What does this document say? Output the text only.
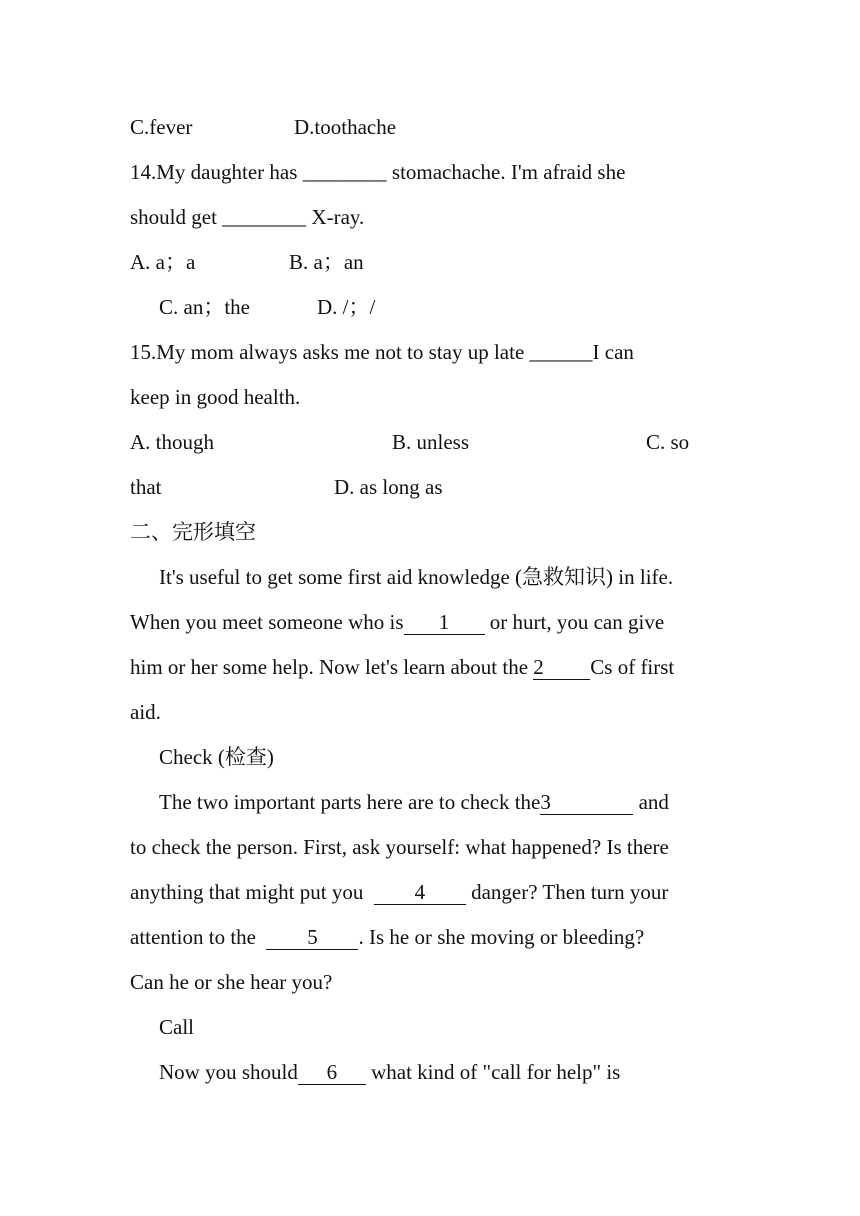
C.fever	D.toothache
14.My daughter has ________ stomachache. I'm afraid she
should get ________ X-ray.
A. a；a	B. a；an
C. an；the	D. /；/
15.My mom always asks me not to stay up late ______I can
keep in good health.
A. though	B. unless	C. so
that	D. as long as
二、完形填空
It's useful to get some first aid knowledge (急救知识) in life.
When you meet someone who is 1 or hurt, you can give
him or her some help. Now let's learn about the 2 Cs of first
aid.
Check (检查)
The two important parts here are to check the3	and
to check the person. First, ask yourself: what happened? Is there
anything that might put you  4 danger? Then turn your
attention to the  5 . Is he or she moving or bleeding?
Can he or she hear you?
Call
Now you should 6 what kind of "call for help" is
